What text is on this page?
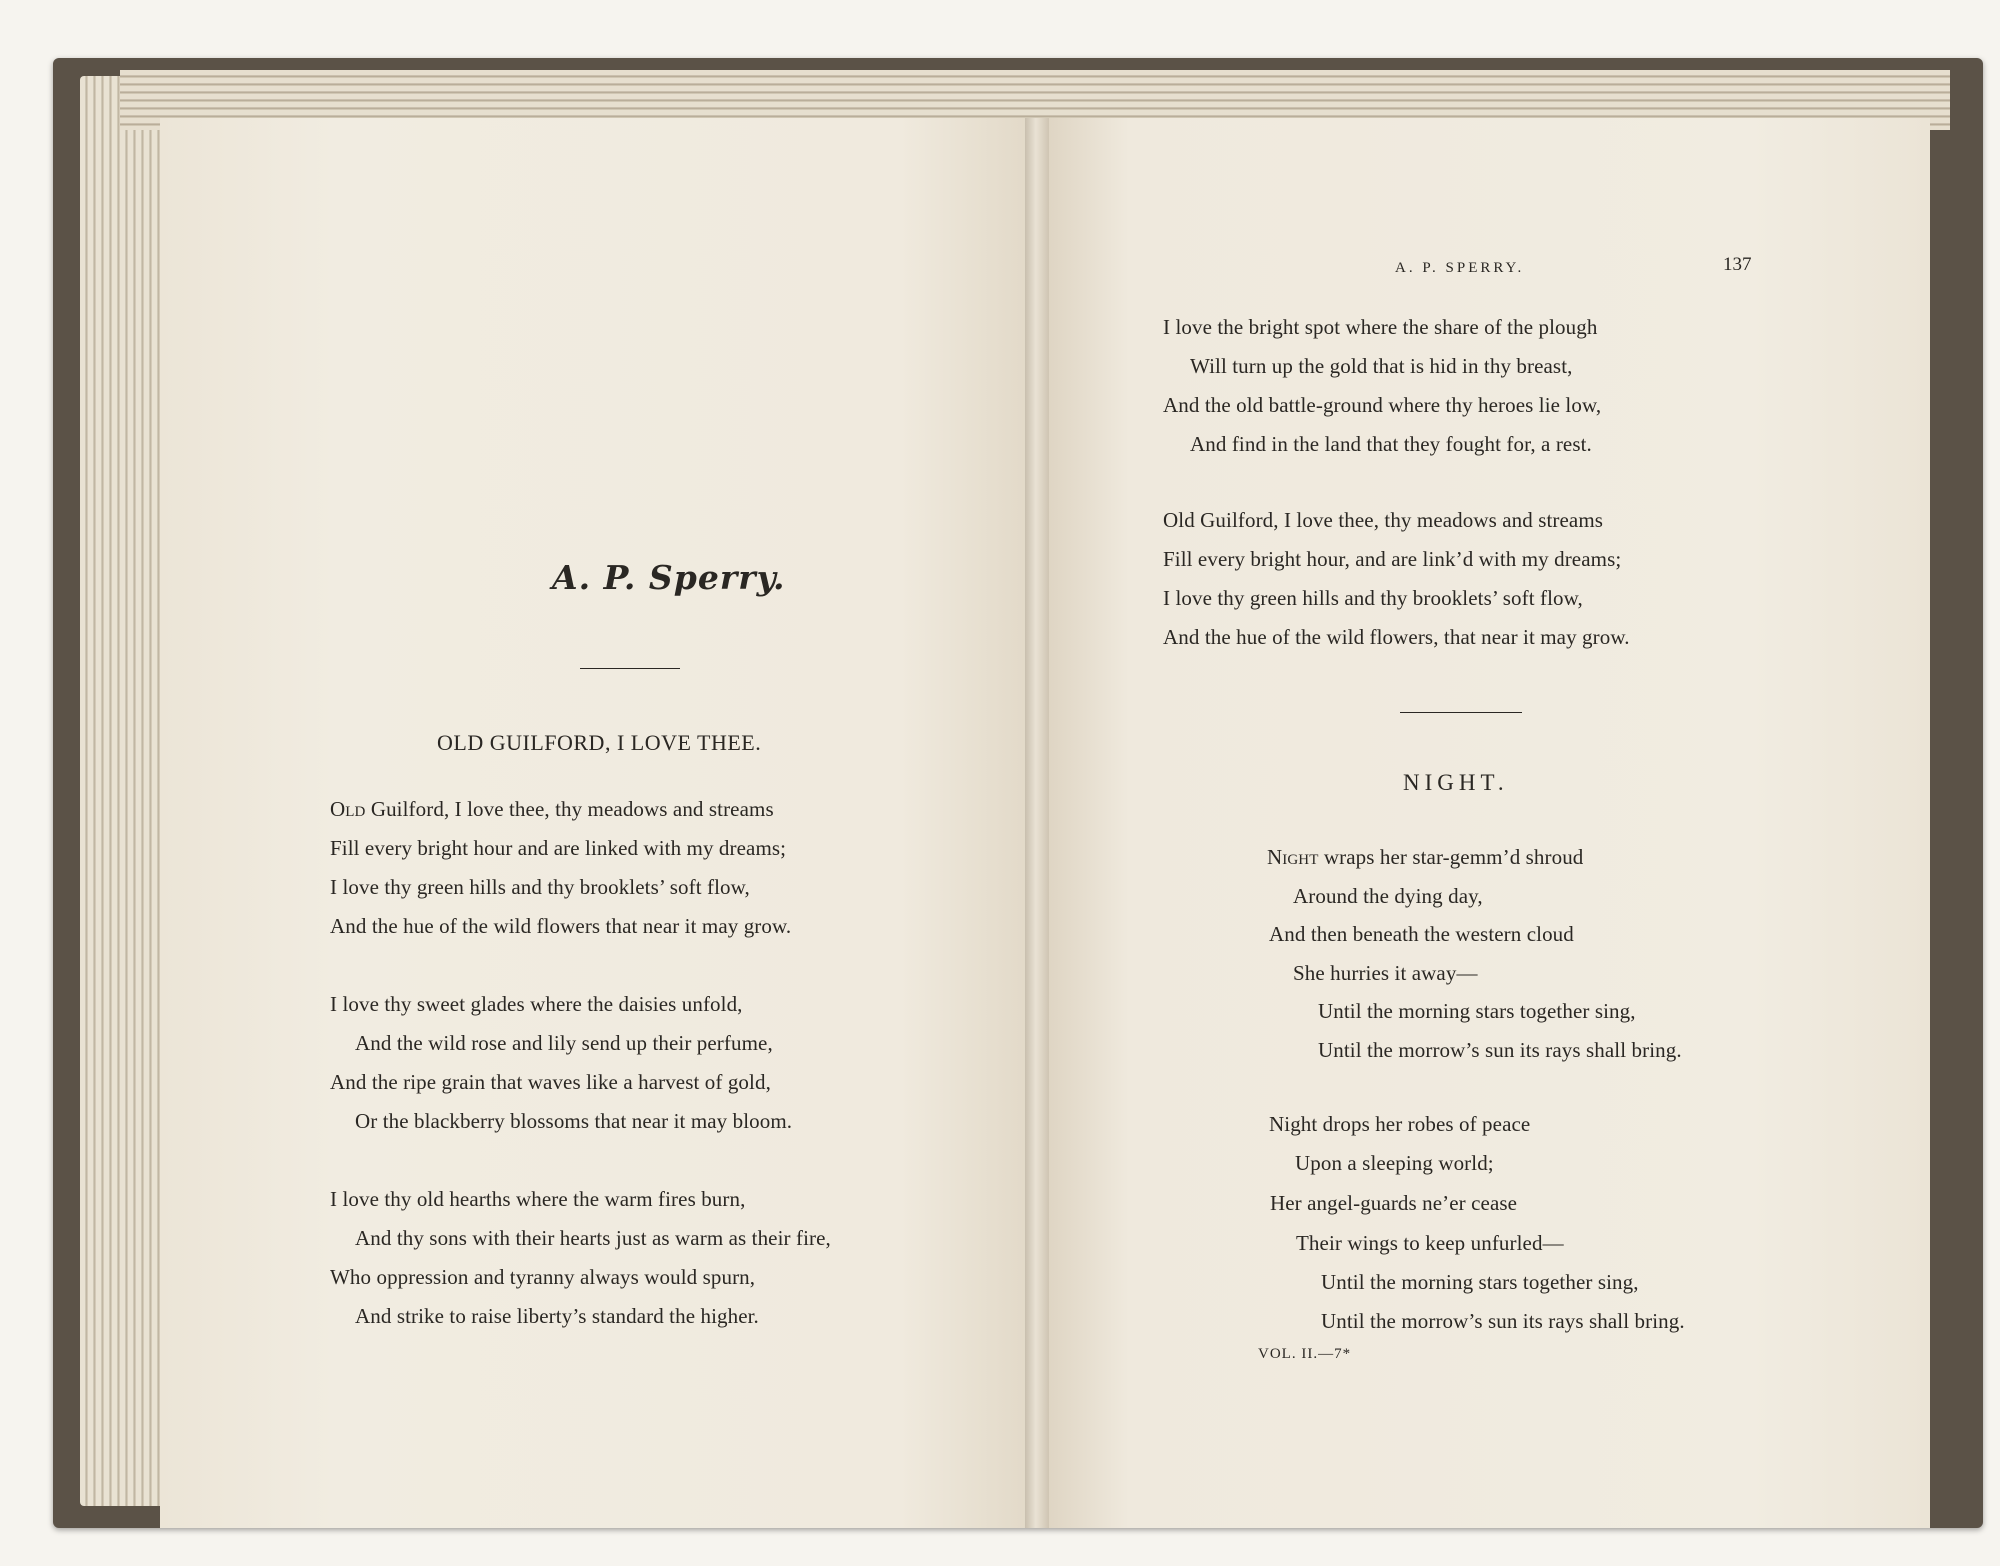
A. P. Sperry.
OLD GUILFORD, I LOVE THEE.
Old Guilford, I love thee, thy meadows and streams
Fill every bright hour and are linked with my dreams;
I love thy green hills and thy brooklets’ soft flow,
And the hue of the wild flowers that near it may grow.
I love thy sweet glades where the daisies unfold,
And the wild rose and lily send up their perfume,
And the ripe grain that waves like a harvest of gold,
Or the blackberry blossoms that near it may bloom.
I love thy old hearths where the warm fires burn,
And thy sons with their hearts just as warm as their fire,
Who oppression and tyranny always would spurn,
And strike to raise liberty’s standard the higher.
A. P. SPERRY.	137
I love the bright spot where the share of the plough
Will turn up the gold that is hid in thy breast,
And the old battle-ground where thy heroes lie low,
And find in the land that they fought for, a rest.
Old Guilford, I love thee, thy meadows and streams
Fill every bright hour, and are link’d with my dreams;
I love thy green hills and thy brooklets’ soft flow,
And the hue of the wild flowers, that near it may grow.
NIGHT.
Night wraps her star-gemm’d shroud
Around the dying day,
And then beneath the western cloud
She hurries it away—
Until the morning stars together sing,
Until the morrow’s sun its rays shall bring.
Night drops her robes of peace
Upon a sleeping world;
Her angel-guards ne’er cease
Their wings to keep unfurled—
Until the morning stars together sing,
Until the morrow’s sun its rays shall bring.
VOL. II.—7*
